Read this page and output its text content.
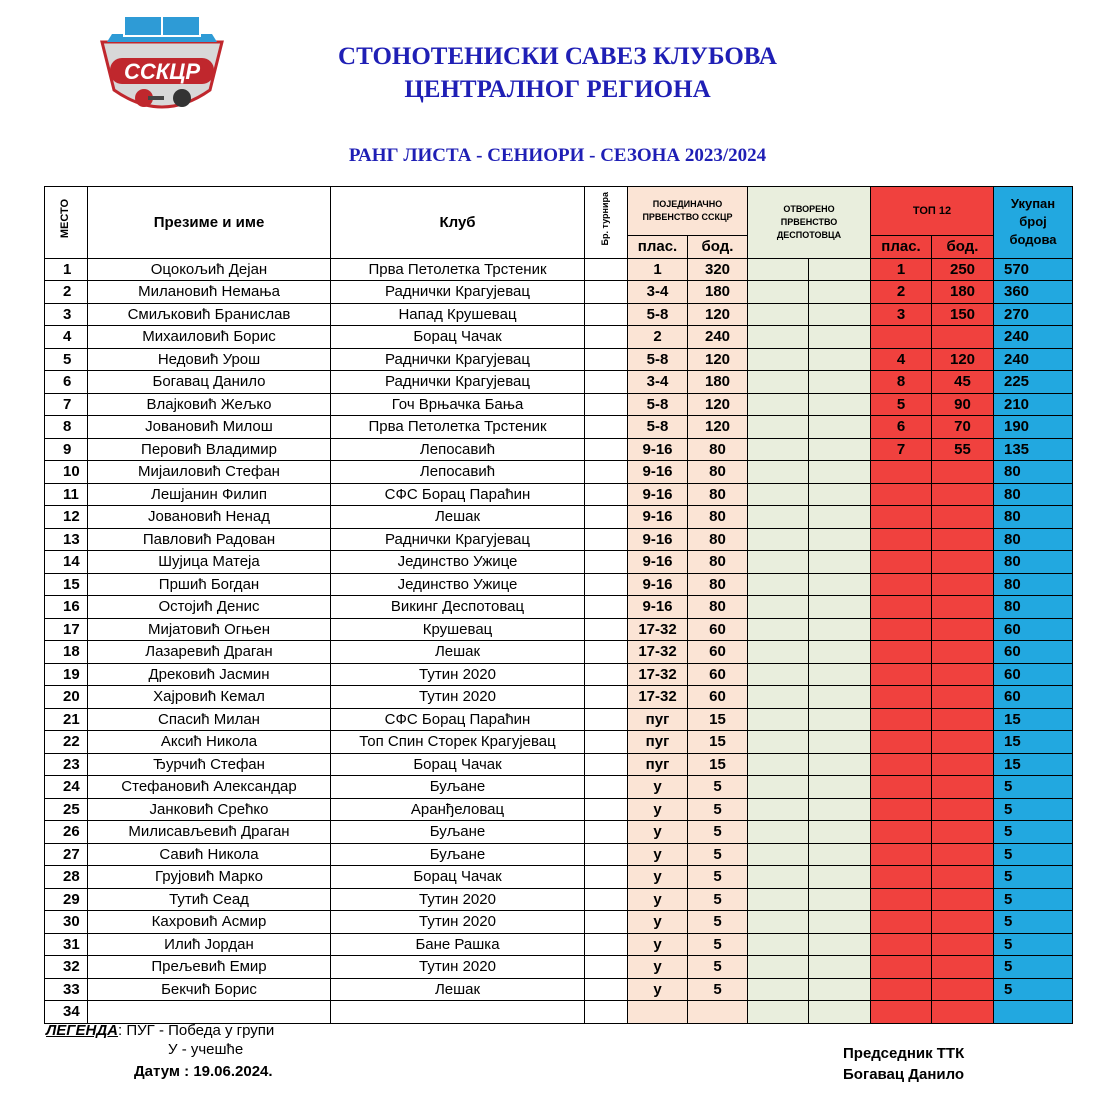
ССКЦР
СТОНОТЕНИСКИ САВЕЗ КЛУБОВА
ЦЕНТРАЛНОГ РЕГИОНА
РАНГ ЛИСТА - СЕНИОРИ - СЕЗОНА 2023/2024
МЕСТО	Презиме и име	Клуб	Бр. турнира	ПОЈЕДИНАЧНО ПРВЕНСТВО ССКЦР		ОТВОРЕНО ПРВЕНСТВО ДЕСПОТОВЦА		ТОП 12		Укупан број бодова

				плас.	бод.			плас.	бод.	
1	Оцокољић Дејан	Прва Петолетка Трстеник		1	320			1	250	570
2	Милановић Немања	Раднички Крагујевац		3-4	180			2	180	360
3	Смиљковић Бранислав	Напад Крушевац		5-8	120			3	150	270
4	Михаиловић Борис	Борац Чачак		2	240					240
5	Недовић Урош	Раднички Крагујевац		5-8	120			4	120	240
6	Богавац Данило	Раднички Крагујевац		3-4	180			8	45	225
7	Влајковић Жељко	Гоч Врњачка Бања		5-8	120			5	90	210
8	Јовановић Милош	Прва Петолетка Трстеник		5-8	120			6	70	190
9	Перовић Владимир	Лепосавић		9-16	80			7	55	135
10	Мијаиловић Стефан	Лепосавић		9-16	80					80
11	Лешјанин Филип	СФС Борац Параћин		9-16	80					80
12	Јовановић Ненад	Лешак		9-16	80					80
13	Павловић Радован	Раднички Крагујевац		9-16	80					80
14	Шујица Матеја	Јединство Ужице		9-16	80					80
15	Пршић Богдан	Јединство Ужице		9-16	80					80
16	Остојић Денис	Викинг Деспотовац		9-16	80					80
17	Мијатовић Огњен	Крушевац		17-32	60					60
18	Лазаревић Драган	Лешак		17-32	60					60
19	Дрековић Јасмин	Тутин 2020		17-32	60					60
20	Хајровић Кемал	Тутин 2020		17-32	60					60
21	Спасић Милан	СФС Борац Параћин		пуг	15					15
22	Аксић Никола	Топ Спин Сторек Крагујевац		пуг	15					15
23	Ђурчић Стефан	Борац Чачак		пуг	15					15
24	Стефановић Александар	Буљане		у	5					5
25	Јанковић Срећко	Аранђеловац		у	5					5
26	Милисављевић Драган	Буљане		у	5					5
27	Савић Никола	Буљане		у	5					5
28	Грујовић Марко	Борац Чачак		у	5					5
29	Тутић Сеад	Тутин 2020		у	5					5
30	Кахровић Асмир	Тутин 2020		у	5					5
31	Илић Јордан	Бане Рашка		у	5					5
32	Прељевић Емир	Тутин 2020		у	5					5
33	Бекчић Борис	Лешак		у	5					5
34										
ЛЕГЕНДА: ПУГ - Победа у групи
У - учешће
Датум : 19.06.2024.
Председник ТТК
Богавац Данило
